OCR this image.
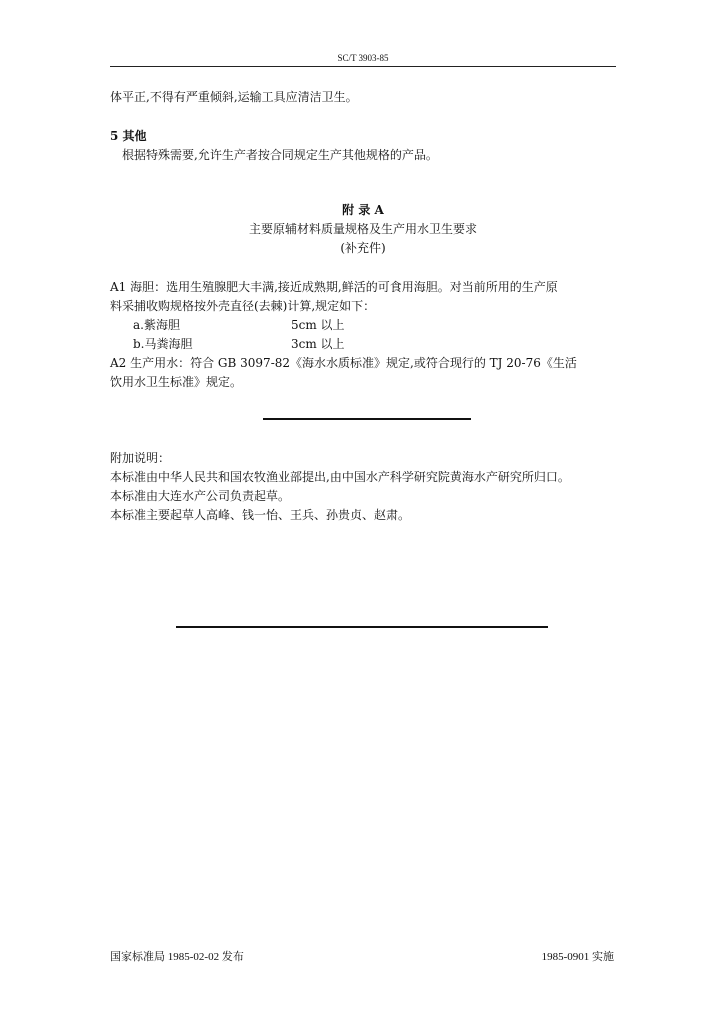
SC/T 3903-85
体平正,不得有严重倾斜,运输工具应清洁卫生。
5 其他
根据特殊需要,允许生产者按合同规定生产其他规格的产品。
附 录 A
主要原辅材料质量规格及生产用水卫生要求
(补充件)
A1 海胆：选用生殖腺肥大丰满,接近成熟期,鲜活的可食用海胆。对当前所用的生产原
料采捕收购规格按外壳直径(去棘)计算,规定如下：
a.紫海胆	5cm 以上
b.马粪海胆	3cm 以上
A2 生产用水：符合 GB 3097-82《海水水质标准》规定,或符合现行的 TJ 20-76《生活
饮用水卫生标准》规定。
附加说明：
本标准由中华人民共和国农牧渔业部提出,由中国水产科学研究院黄海水产研究所归口。
本标准由大连水产公司负责起草。
本标准主要起草人高峰、钱一怡、王兵、孙贵贞、赵肃。
国家标准局 1985-02-02 发布	1985-0901 实施
